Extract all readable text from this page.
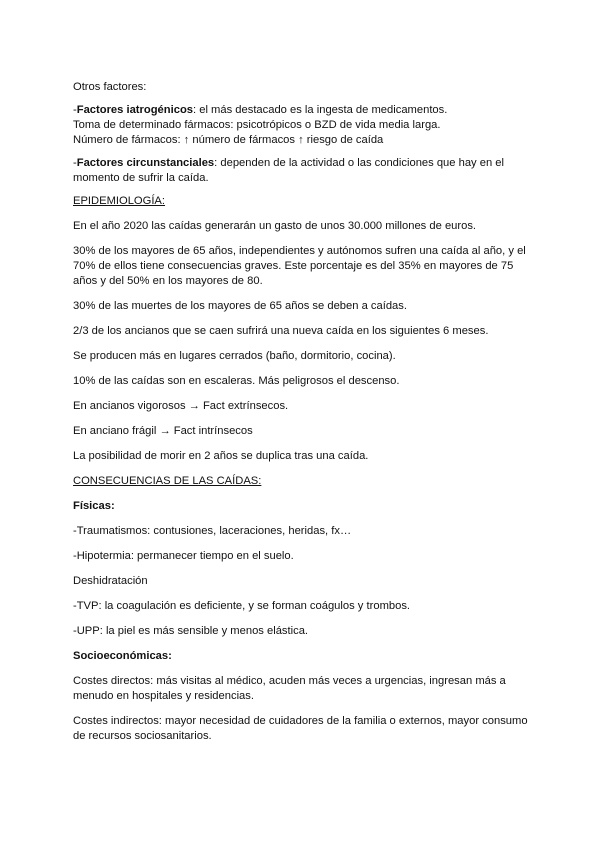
Otros factores:

-Factores iatrogénicos: el más destacado es la ingesta de medicamentos.

Toma de determinado fármacos: psicotrópicos o BZD de vida media larga.

Número de fármacos: ↑ número de fármacos ↑ riesgo de caída

-Factores circunstanciales: dependen de la actividad o las condiciones que hay en el momento de sufrir la caída.

EPIDEMIOLOGÍA:

En el año 2020 las caídas generarán un gasto de unos 30.000 millones de euros.

30% de los mayores de 65 años, independientes y autónomos sufren una caída al año, y el 70% de ellos tiene consecuencias graves. Este porcentaje es del 35% en mayores de 75 años y del 50% en los mayores de 80.

30% de las muertes de los mayores de 65 años se deben a caídas.

2/3 de los ancianos que se caen sufrirá una nueva caída en los siguientes 6 meses.

Se producen más en lugares cerrados (baño, dormitorio, cocina).

10% de las caídas son en escaleras. Más peligrosos el descenso.

En ancianos vigorosos → Fact extrínsecos.

En anciano frágil → Fact intrínsecos

La posibilidad de morir en 2 años se duplica tras una caída.

CONSECUENCIAS DE LAS CAÍDAS:

Físicas:

-Traumatismos: contusiones, laceraciones, heridas, fx…

-Hipotermia: permanecer tiempo en el suelo.

Deshidratación

-TVP: la coagulación es deficiente, y se forman coágulos y trombos.

-UPP: la piel es más sensible y menos elástica.

Socioeconómicas:

Costes directos: más visitas al médico, acuden más veces a urgencias, ingresan más a menudo en hospitales y residencias.

Costes indirectos: mayor necesidad de cuidadores de la familia o externos, mayor consumo de recursos sociosanitarios.
